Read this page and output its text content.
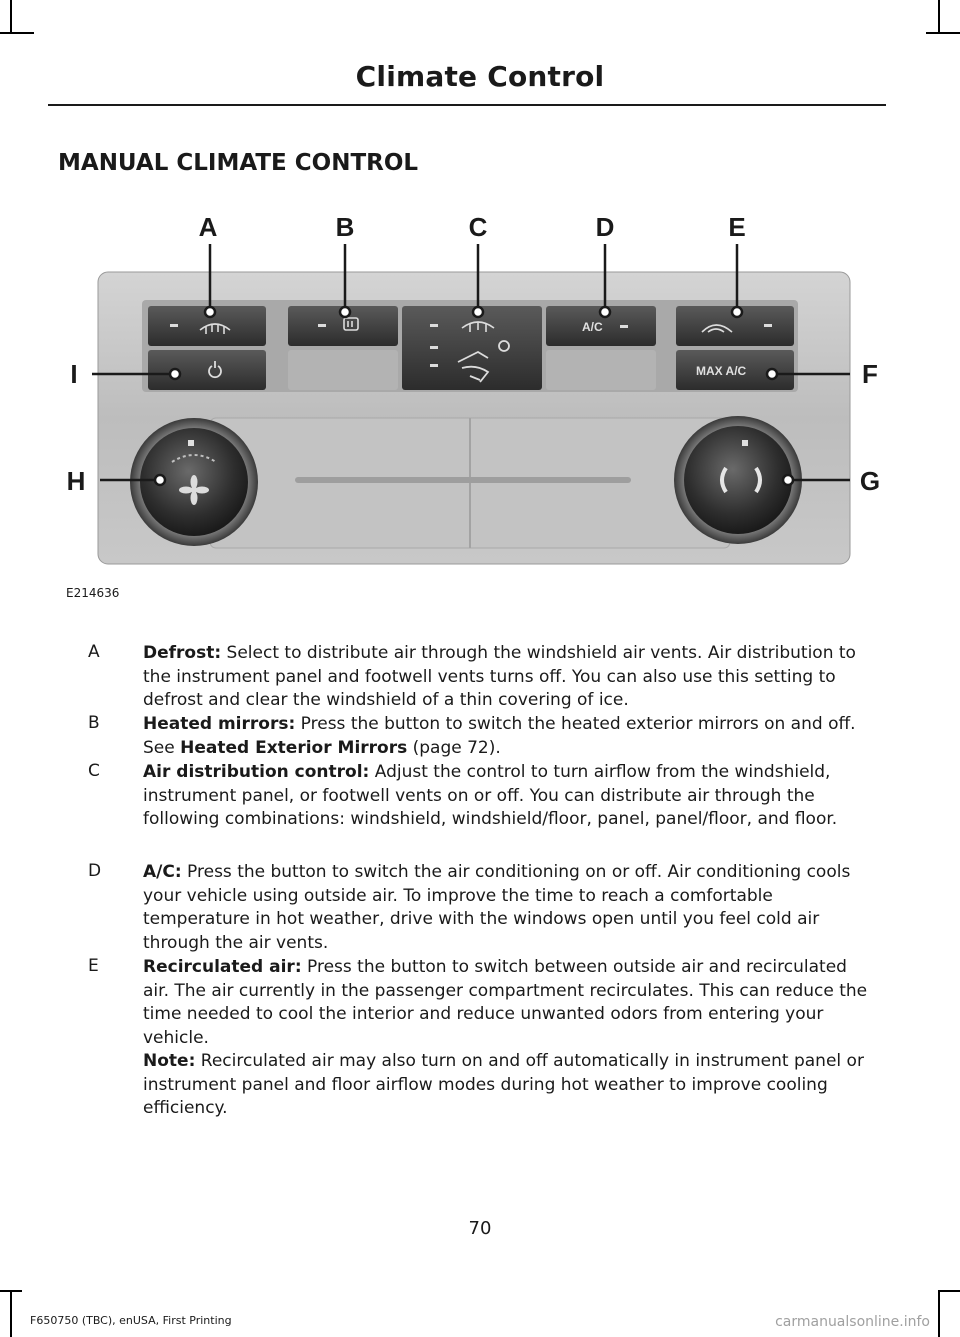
Climate Control
MANUAL CLIMATE CONTROL
A/C
MAX A/C
A	B	C	D	E
F
G
H
I
E214636
A	Defrost: Select to distribute air through the windshield air vents. Air distribution to the instrument panel and footwell vents turns off. You can also use this setting to defrost and clear the windshield of a thin covering of ice.
B	Heated mirrors: Press the button to switch the heated exterior mirrors on and off. See Heated Exterior Mirrors (page 72).
C	Air distribution control: Adjust the control to turn airflow from the windshield, instrument panel, or footwell vents on or off. You can distribute air through the following combinations: windshield, windshield/floor, panel, panel/floor, and floor.
D A/C: Press the button to switch the air conditioning on or off. Air conditioning cools your vehicle using outside air. To improve the time to reach a comfortable temperature in hot weather, drive with the windows open until you feel cold air through the air vents.
E	Recirculated air: Press the button to switch between outside air and recirculated air. The air currently in the passenger compartment recirculates. This can reduce the time needed to cool the interior and reduce unwanted odors from entering your vehicle.
Note: Recirculated air may also turn on and off automatically in instrument panel or instrument panel and floor airflow modes during hot weather to improve cooling efficiency.
70
F650750 (TBC), enUSA, First Printing	carmanualsonline.info
